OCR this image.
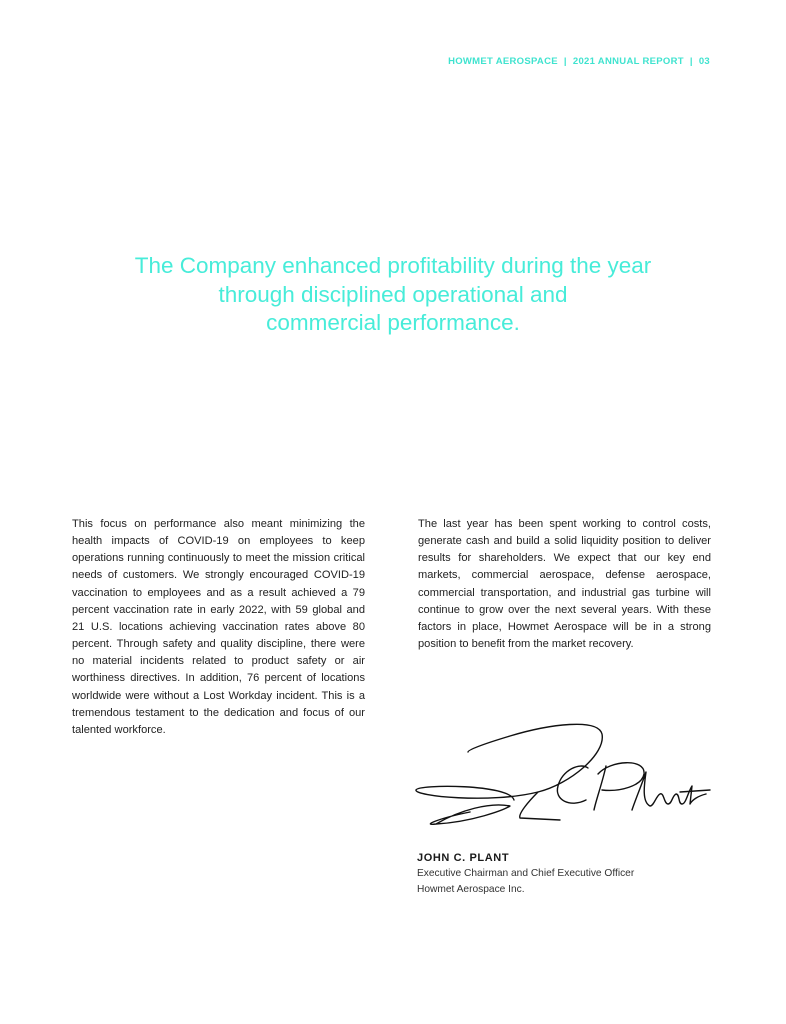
HOWMET AEROSPACE | 2021 ANNUAL REPORT | 03
The Company enhanced profitability during the year
through disciplined operational and
commercial performance.

This focus on performance also meant minimizing the health impacts of COVID-19 on employees to keep operations running continuously to meet the mission critical needs of customers. We strongly encouraged COVID-19 vaccination to employees and as a result achieved a 79 percent vaccination rate in early 2022, with 59 global and 21 U.S. locations achieving vaccination rates above 80 percent. Through safety and quality discipline, there were no material incidents related to product safety or air worthiness directives. In addition, 76 percent of locations worldwide were without a Lost Workday incident. This is a tremendous testament to the dedication and focus of our talented workforce.

The last year has been spent working to control costs, generate cash and build a solid liquidity position to deliver results for shareholders. We expect that our key end markets, commercial aerospace, defense aerospace, commercial transportation, and industrial gas turbine will continue to grow over the next several years. With these factors in place, Howmet Aerospace will be in a strong position to benefit from the market recovery.

JOHN C. PLANT
Executive Chairman and Chief Executive Officer
Howmet Aerospace Inc.
